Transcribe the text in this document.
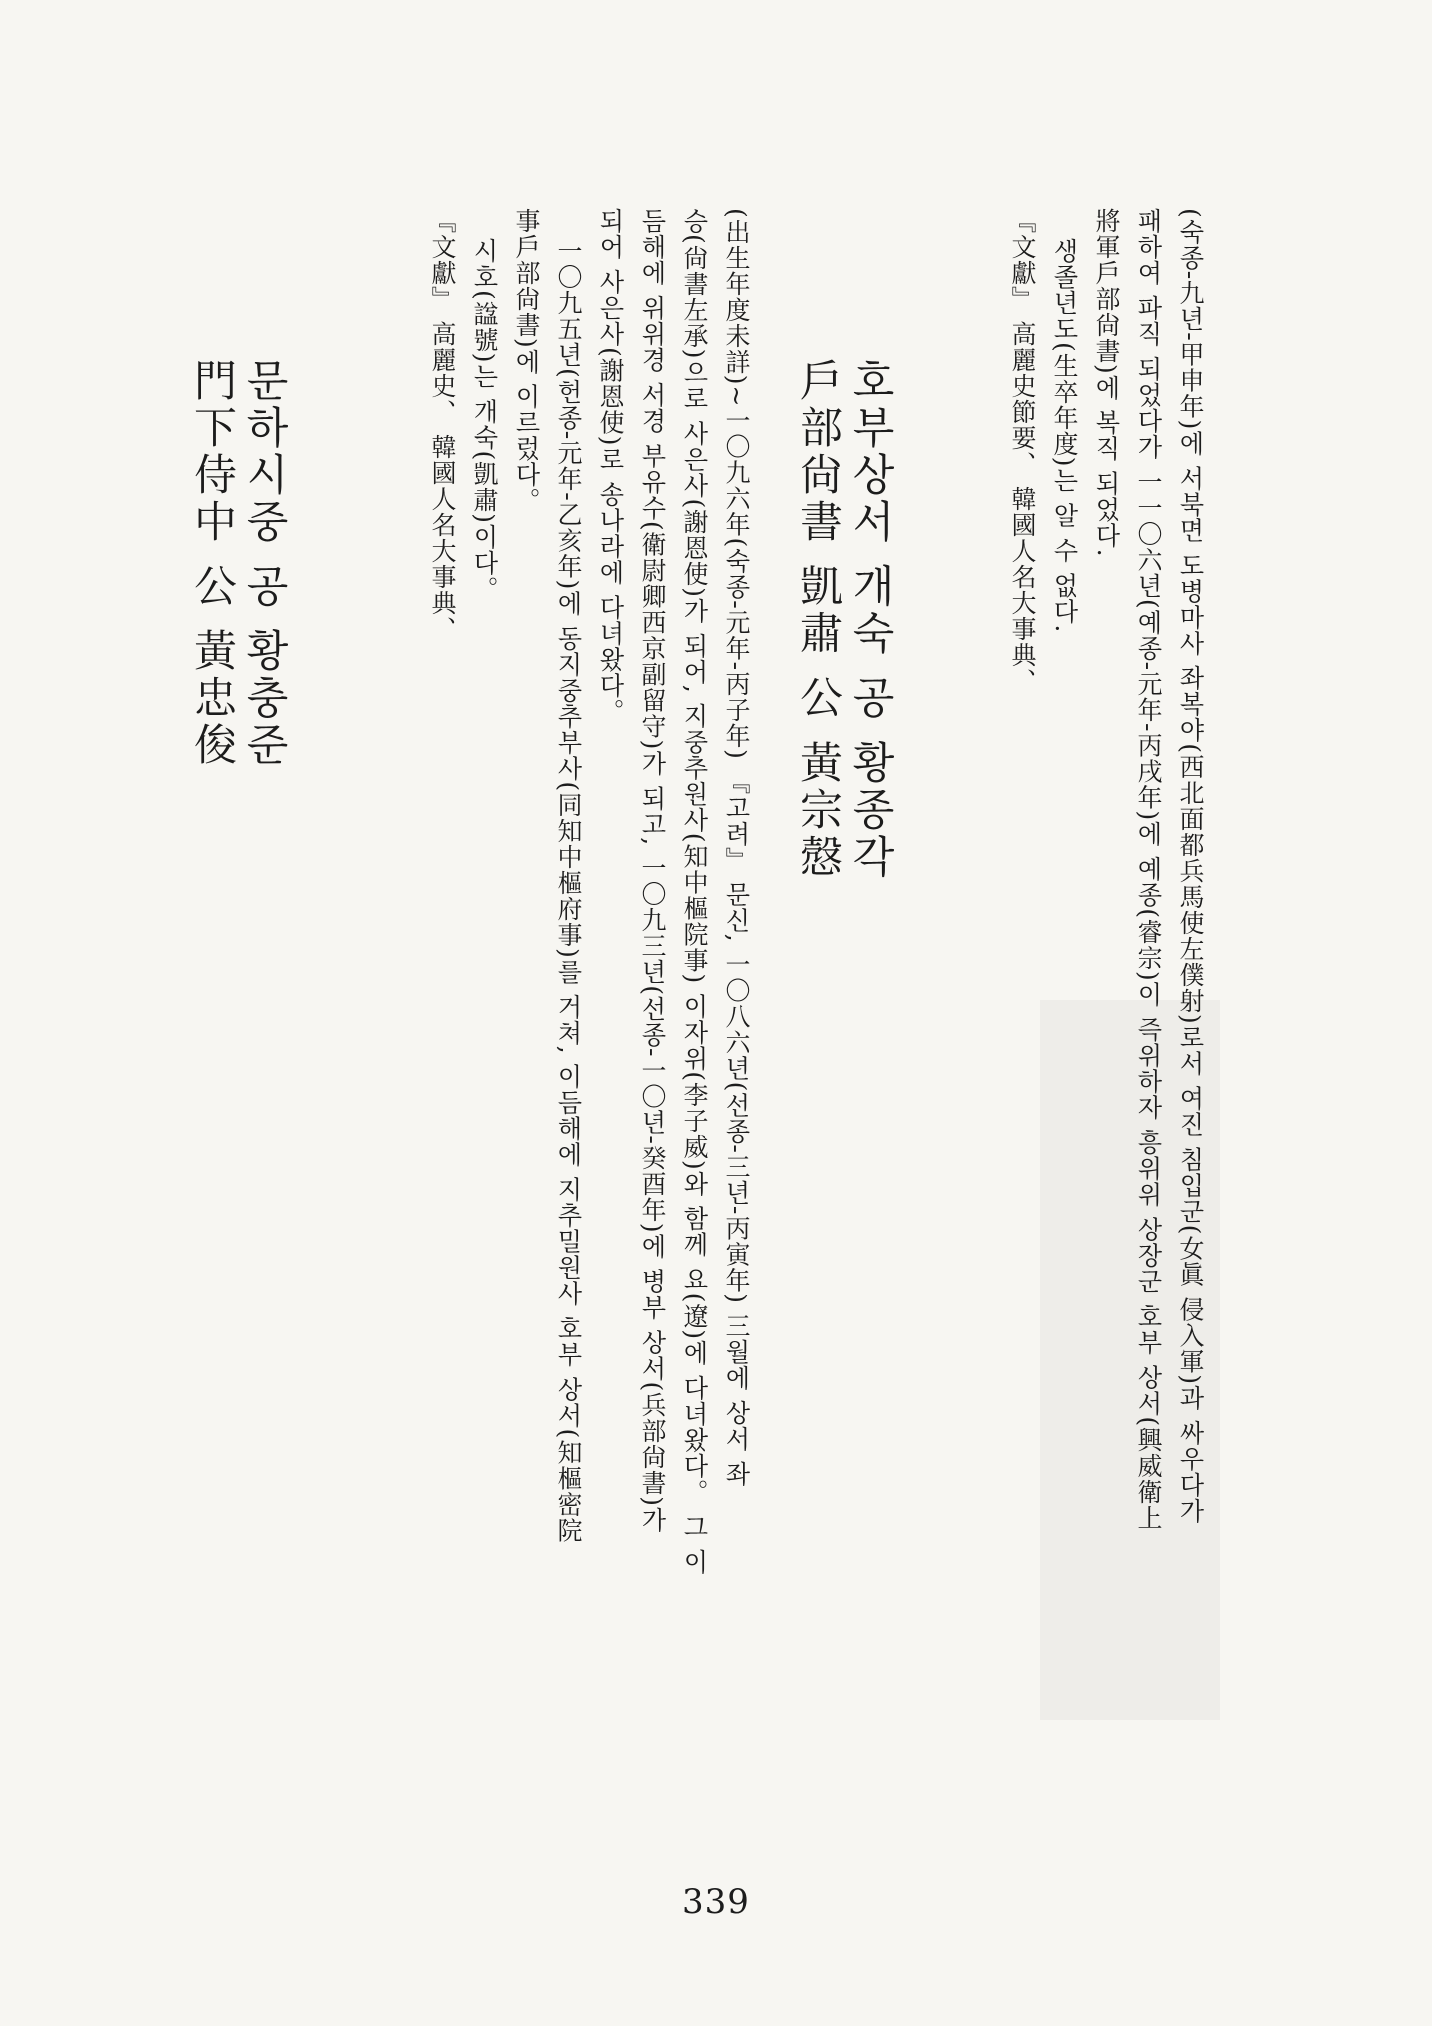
(숙종-九년-甲申年)에 서북면 도병마사 좌복야(西北面都兵馬使左僕射)로서 여진 침입군(女眞 侵入軍)과 싸우다가
패하여 파직 되었다가 一一〇六년(예종-元年-丙戌年)에 예종(睿宗)이 즉위하자 흥위위 상장군 호부 상서(興威衛上
將軍戶部尙書)에 복직 되었다.
생졸년도(生卒年度)는 알 수 없다.
『文獻』 高麗史節要、 韓國人名大事典、
호부상서 개숙 공 황종각
戶部尙書 凱肅 公 黃宗慤
(出生年度未詳)~一〇九六年(숙종-元年-丙子年) 『고려』 문신, 一〇八六년(선종-三년-丙寅年) 三월에 상서 좌
승(尙書左承)으로 사은사(謝恩使)가 되어, 지중추원사(知中樞院事) 이자위(李子威)와 함께 요(遼)에 다녀왔다。 그 이
듬해에 위위경 서경 부유수(衛尉卿西京副留守)가 되고, 一〇九三년(선종-一〇년-癸酉年)에 병부 상서(兵部尙書)가
되어 사은사(謝恩使)로 송나라에 다녀왔다。
一〇九五년(헌종-元年-乙亥年)에 동지중추부사(同知中樞府事)를 거쳐, 이듬해에 지추밀원사 호부 상서(知樞密院
事戶部尙書)에 이르렀다。
시호(諡號)는 개숙(凱肅)이다。
『文獻』 高麗史、 韓國人名大事典、
문하시중 공 황충준
門下侍中 公 黃忠俊
339
